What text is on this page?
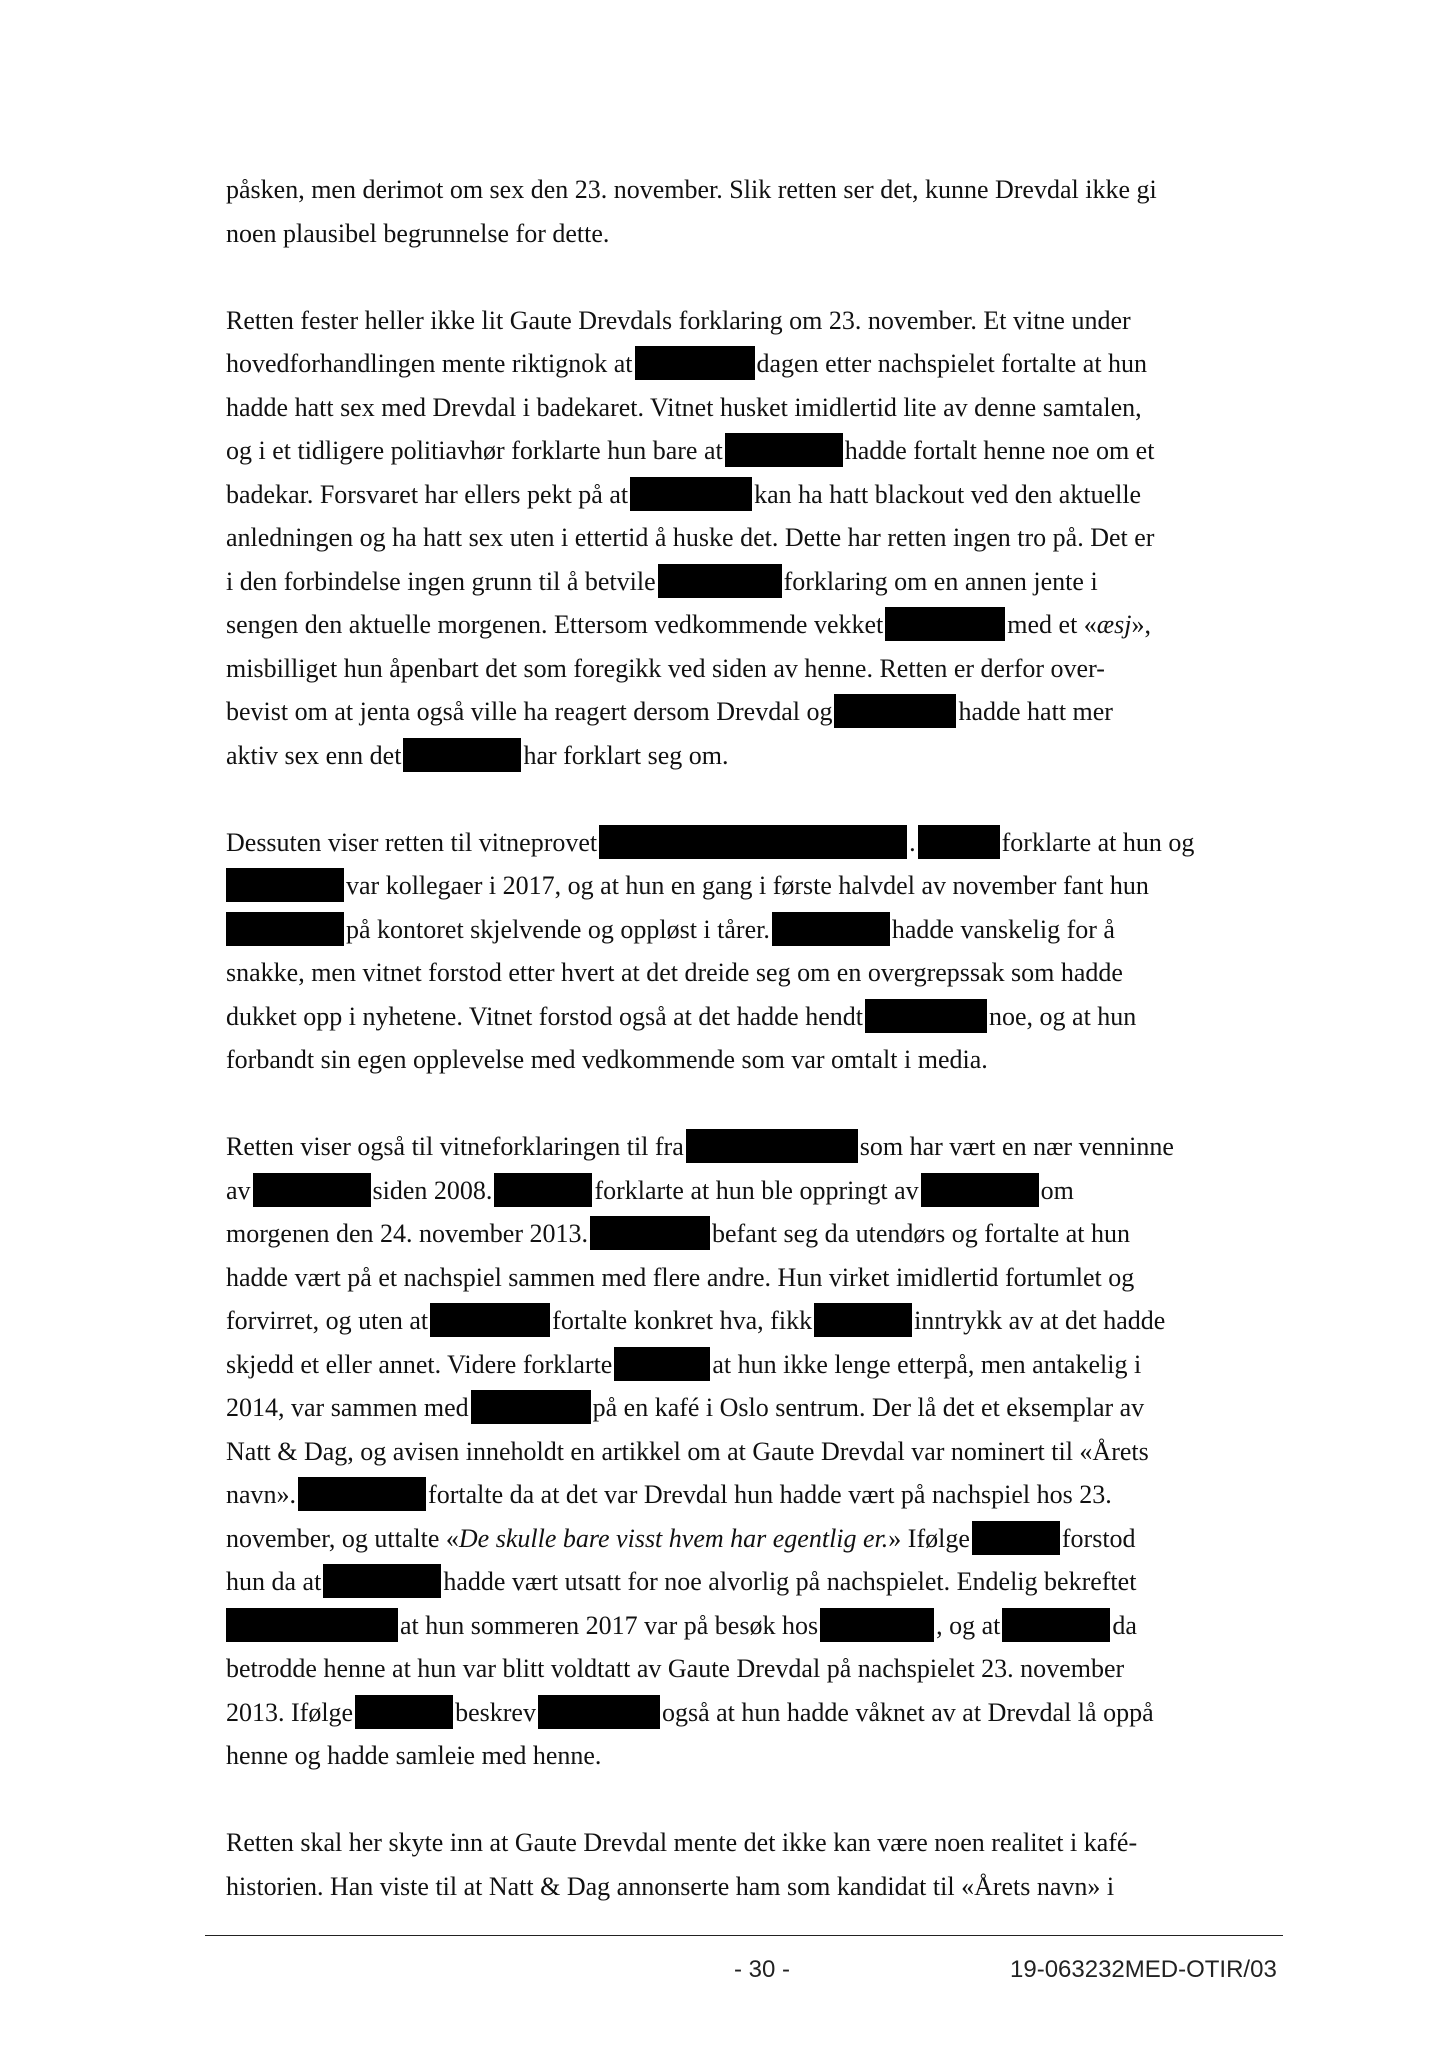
påsken, men derimot om sex den 23. november. Slik retten ser det, kunne Drevdal ikke gi
noen plausibel begrunnelse for dette.
Retten fester heller ikke lit Gaute Drevdals forklaring om 23. november. Et vitne under
hovedforhandlingen mente riktignok at	dagen etter nachspielet fortalte at hun
hadde hatt sex med Drevdal i badekaret. Vitnet husket imidlertid lite av denne samtalen,
og i et tidligere politiavhør forklarte hun bare at	hadde fortalt henne noe om et
badekar. Forsvaret har ellers pekt på at	kan ha hatt blackout ved den aktuelle
anledningen og ha hatt sex uten i ettertid å huske det. Dette har retten ingen tro på. Det er
i den forbindelse ingen grunn til å betvile	forklaring om en annen jente i
sengen den aktuelle morgenen. Ettersom vedkommende vekket	med et «æsj»,
misbilliget hun åpenbart det som foregikk ved siden av henne. Retten er derfor over-
bevist om at jenta også ville ha reagert dersom Drevdal og	hadde hatt mer
aktiv sex enn det	har forklart seg om.
Dessuten viser retten til vitneprovet	.	forklarte at hun og
var kollegaer i 2017, og at hun en gang i første halvdel av november fant hun
på kontoret skjelvende og oppløst i tårer.	hadde vanskelig for å
snakke, men vitnet forstod etter hvert at det dreide seg om en overgrepssak som hadde
dukket opp i nyhetene. Vitnet forstod også at det hadde hendt	noe, og at hun
forbandt sin egen opplevelse med vedkommende som var omtalt i media.
Retten viser også til vitneforklaringen til fra	som har vært en nær venninne
av	siden 2008.	forklarte at hun ble oppringt av	om
morgenen den 24. november 2013.	befant seg da utendørs og fortalte at hun
hadde vært på et nachspiel sammen med flere andre. Hun virket imidlertid fortumlet og
forvirret, og uten at	fortalte konkret hva, fikk	inntrykk av at det hadde
skjedd et eller annet. Videre forklarte	at hun ikke lenge etterpå, men antakelig i
2014, var sammen med	på en kafé i Oslo sentrum. Der lå det et eksemplar av
Natt & Dag, og avisen inneholdt en artikkel om at Gaute Drevdal var nominert til «Årets
navn».	fortalte da at det var Drevdal hun hadde vært på nachspiel hos 23.
november, og uttalte «De skulle bare visst hvem har egentlig er.» Ifølge	forstod
hun da at	hadde vært utsatt for noe alvorlig på nachspielet. Endelig bekreftet
at hun sommeren 2017 var på besøk hos	, og at	da
betrodde henne at hun var blitt voldtatt av Gaute Drevdal på nachspielet 23. november
2013. Ifølge	beskrev	også at hun hadde våknet av at Drevdal lå oppå
henne og hadde samleie med henne.
Retten skal her skyte inn at Gaute Drevdal mente det ikke kan være noen realitet i kafé-
historien. Han viste til at Natt & Dag annonserte ham som kandidat til «Årets navn» i
- 30 -	19-063232MED-OTIR/03
